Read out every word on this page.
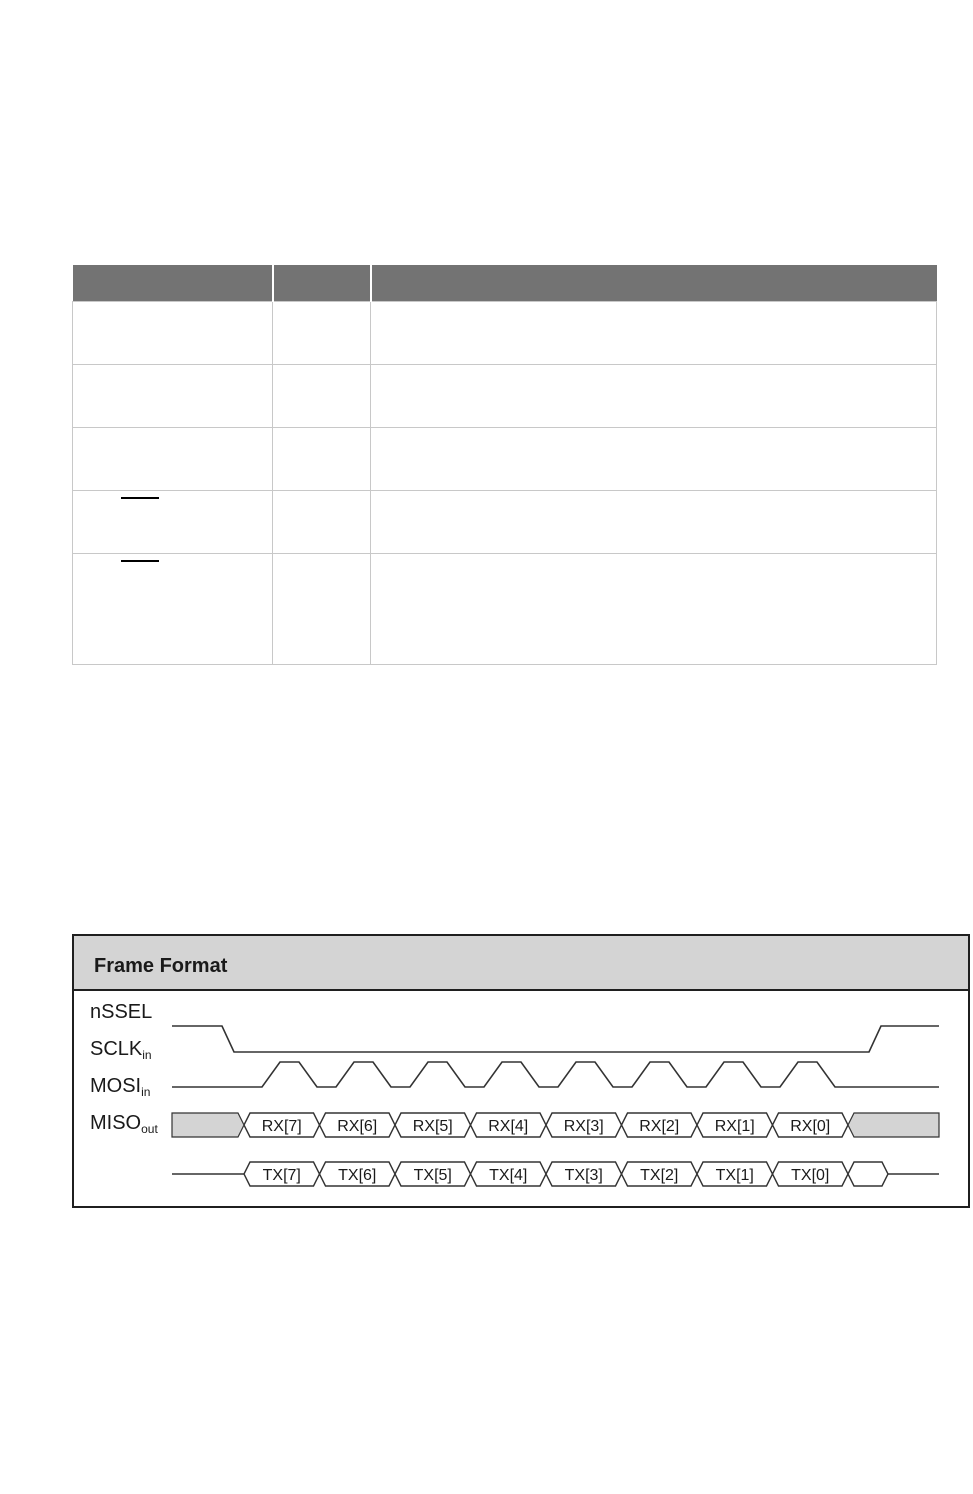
Frame Format
nSSEL
$SCLK_{in}$
$MOSI_{in}$
$MISO_{out}$	RX[7] RX[6] RX[5] RX[4] RX[3] RX[2] RX[1] RX[0]
TX[7] TX[6] TX[5] TX[4] TX[3] TX[2] TX[1] TX[0]
